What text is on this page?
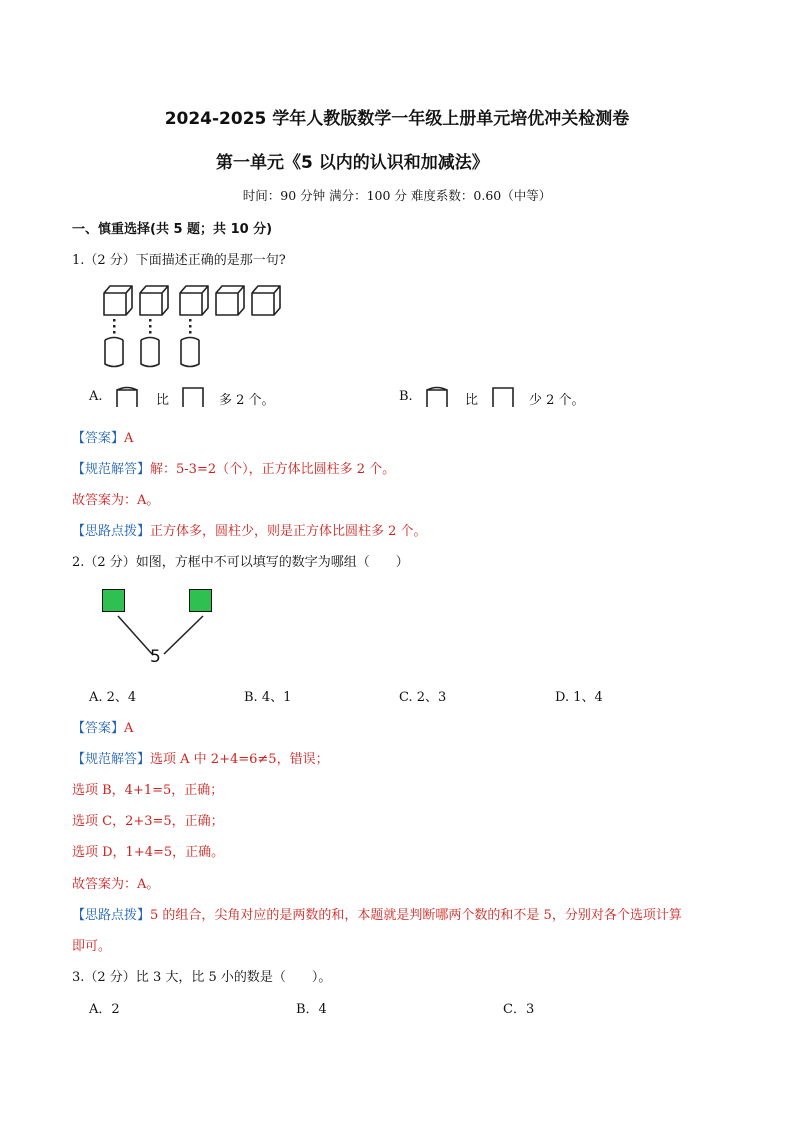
2024-2025 学年人教版数学一年级上册单元培优冲关检测卷
第一单元《5 以内的认识和加减法》
时间：90 分钟 满分：100 分 难度系数：0.60（中等）
一、慎重选择(共 5 题；共 10 分)
1.（2 分）下面描述正确的是那一句?
A.	比	多 2 个。	B.	比	少 2 个。
【答案】A
【规范解答】解：5-3=2（个），正方体比圆柱多 2 个。
故答案为：A。
【思路点拨】正方体多，圆柱少，则是正方体比圆柱多 2 个。
2.（2 分）如图，方框中不可以填写的数字为哪组（　　）
5
A. 2、4	B. 4、1	C. 2、3	D. 1、4
【答案】A
【规范解答】选项 A 中 2+4=6≠5，错误；
选项 B，4+1=5，正确；
选项 C，2+3=5，正确；
选项 D，1+4=5，正确。
故答案为：A。
【思路点拨】5 的组合，尖角对应的是两数的和，本题就是判断哪两个数的和不是 5，分别对各个选项计算
即可。
3.（2 分）比 3 大，比 5 小的数是（　　）。
A．2	B．4	C．3
